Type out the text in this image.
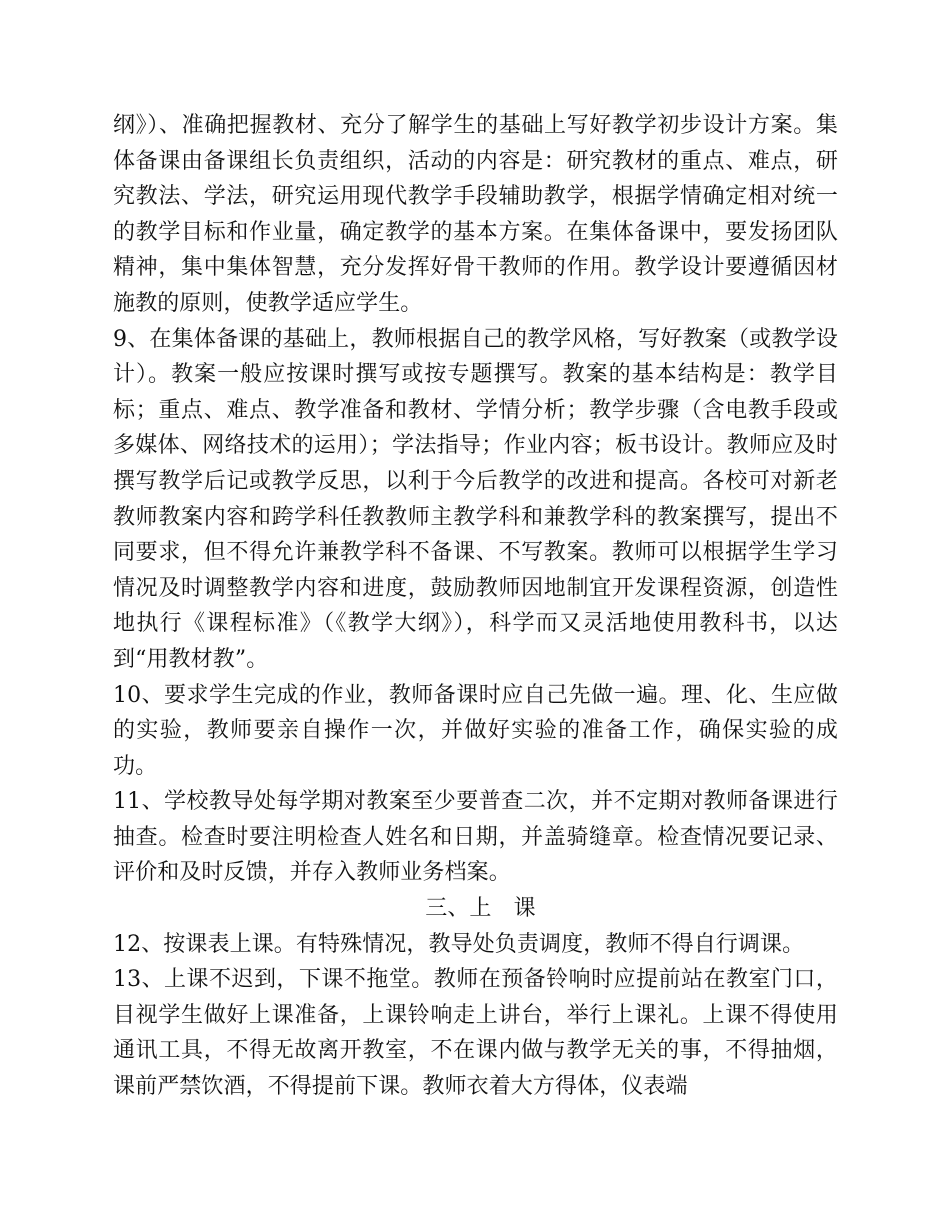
纲》）、准确把握教材、充分了解学生的基础上写好教学初步设计方案。集体备课由备课组长负责组织，活动的内容是：研究教材的重点、难点，研究教法、学法，研究运用现代教学手段辅助教学，根据学情确定相对统一的教学目标和作业量，确定教学的基本方案。在集体备课中，要发扬团队精神，集中集体智慧，充分发挥好骨干教师的作用。教学设计要遵循因材施教的原则，使教学适应学生。

9、在集体备课的基础上，教师根据自己的教学风格，写好教案（或教学设计）。教案一般应按课时撰写或按专题撰写。教案的基本结构是：教学目标；重点、难点、教学准备和教材、学情分析；教学步骤（含电教手段或多媒体、网络技术的运用）；学法指导；作业内容；板书设计。教师应及时撰写教学后记或教学反思，以利于今后教学的改进和提高。各校可对新老教师教案内容和跨学科任教教师主教学科和兼教学科的教案撰写，提出不同要求，但不得允许兼教学科不备课、不写教案。教师可以根据学生学习情况及时调整教学内容和进度，鼓励教师因地制宜开发课程资源，创造性地执行《课程标准》（《教学大纲》），科学而又灵活地使用教科书，以达到“用教材教”。

10、要求学生完成的作业，教师备课时应自己先做一遍。理、化、生应做的实验，教师要亲自操作一次，并做好实验的准备工作，确保实验的成功。

11、学校教导处每学期对教案至少要普查二次，并不定期对教师备课进行抽查。检查时要注明检查人姓名和日期，并盖骑缝章。检查情况要记录、评价和及时反馈，并存入教师业务档案。

三、上　课

12、按课表上课。有特殊情况，教导处负责调度，教师不得自行调课。

13、上课不迟到，下课不拖堂。教师在预备铃响时应提前站在教室门口，目视学生做好上课准备，上课铃响走上讲台，举行上课礼。上课不得使用通讯工具，不得无故离开教室，不在课内做与教学无关的事，不得抽烟，课前严禁饮酒，不得提前下课。教师衣着大方得体，仪表端
